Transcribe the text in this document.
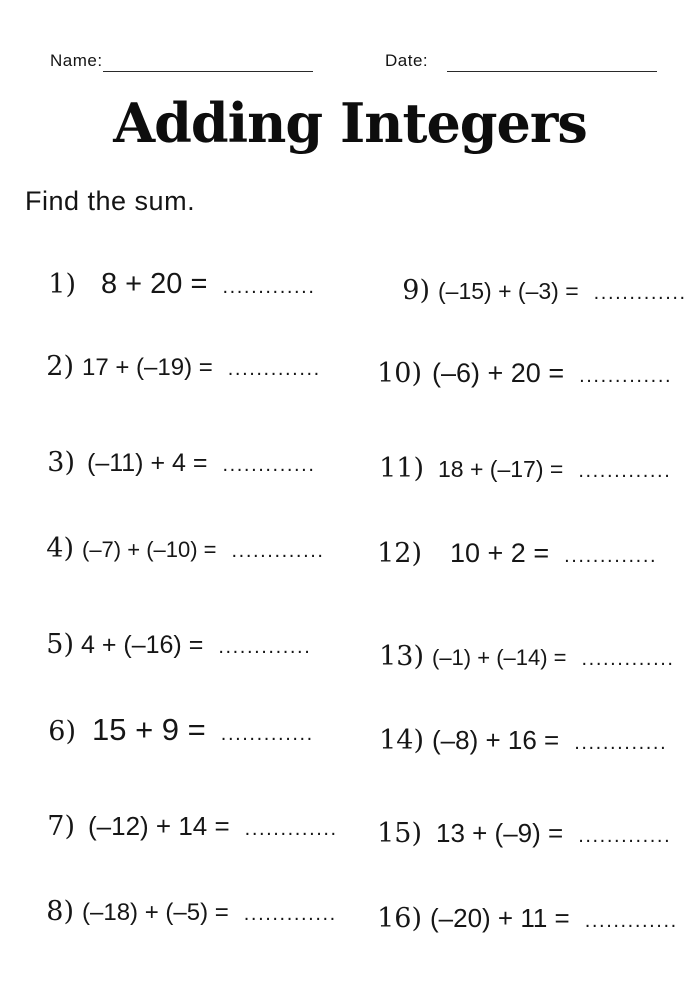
Name:	Date:
Adding Integers
Find the sum.
1) 8 + 20 = .............
2) 17 + (–19) = .............
3) (–11) + 4 = .............
4) (–7) + (–10) = .............
5) 4 + (–16) = .............
6) 15 + 9 = .............
7) (–12) + 14 = .............
8) (–18) + (–5) = .............
9) (–15) + (–3) = .............
10) (–6) + 20 = .............
11) 18 + (–17) = .............
12) 10 + 2 = .............
13) (–1) + (–14) = .............
14) (–8) + 16 = .............
15) 13 + (–9) = .............
16) (–20) + 11 = .............
